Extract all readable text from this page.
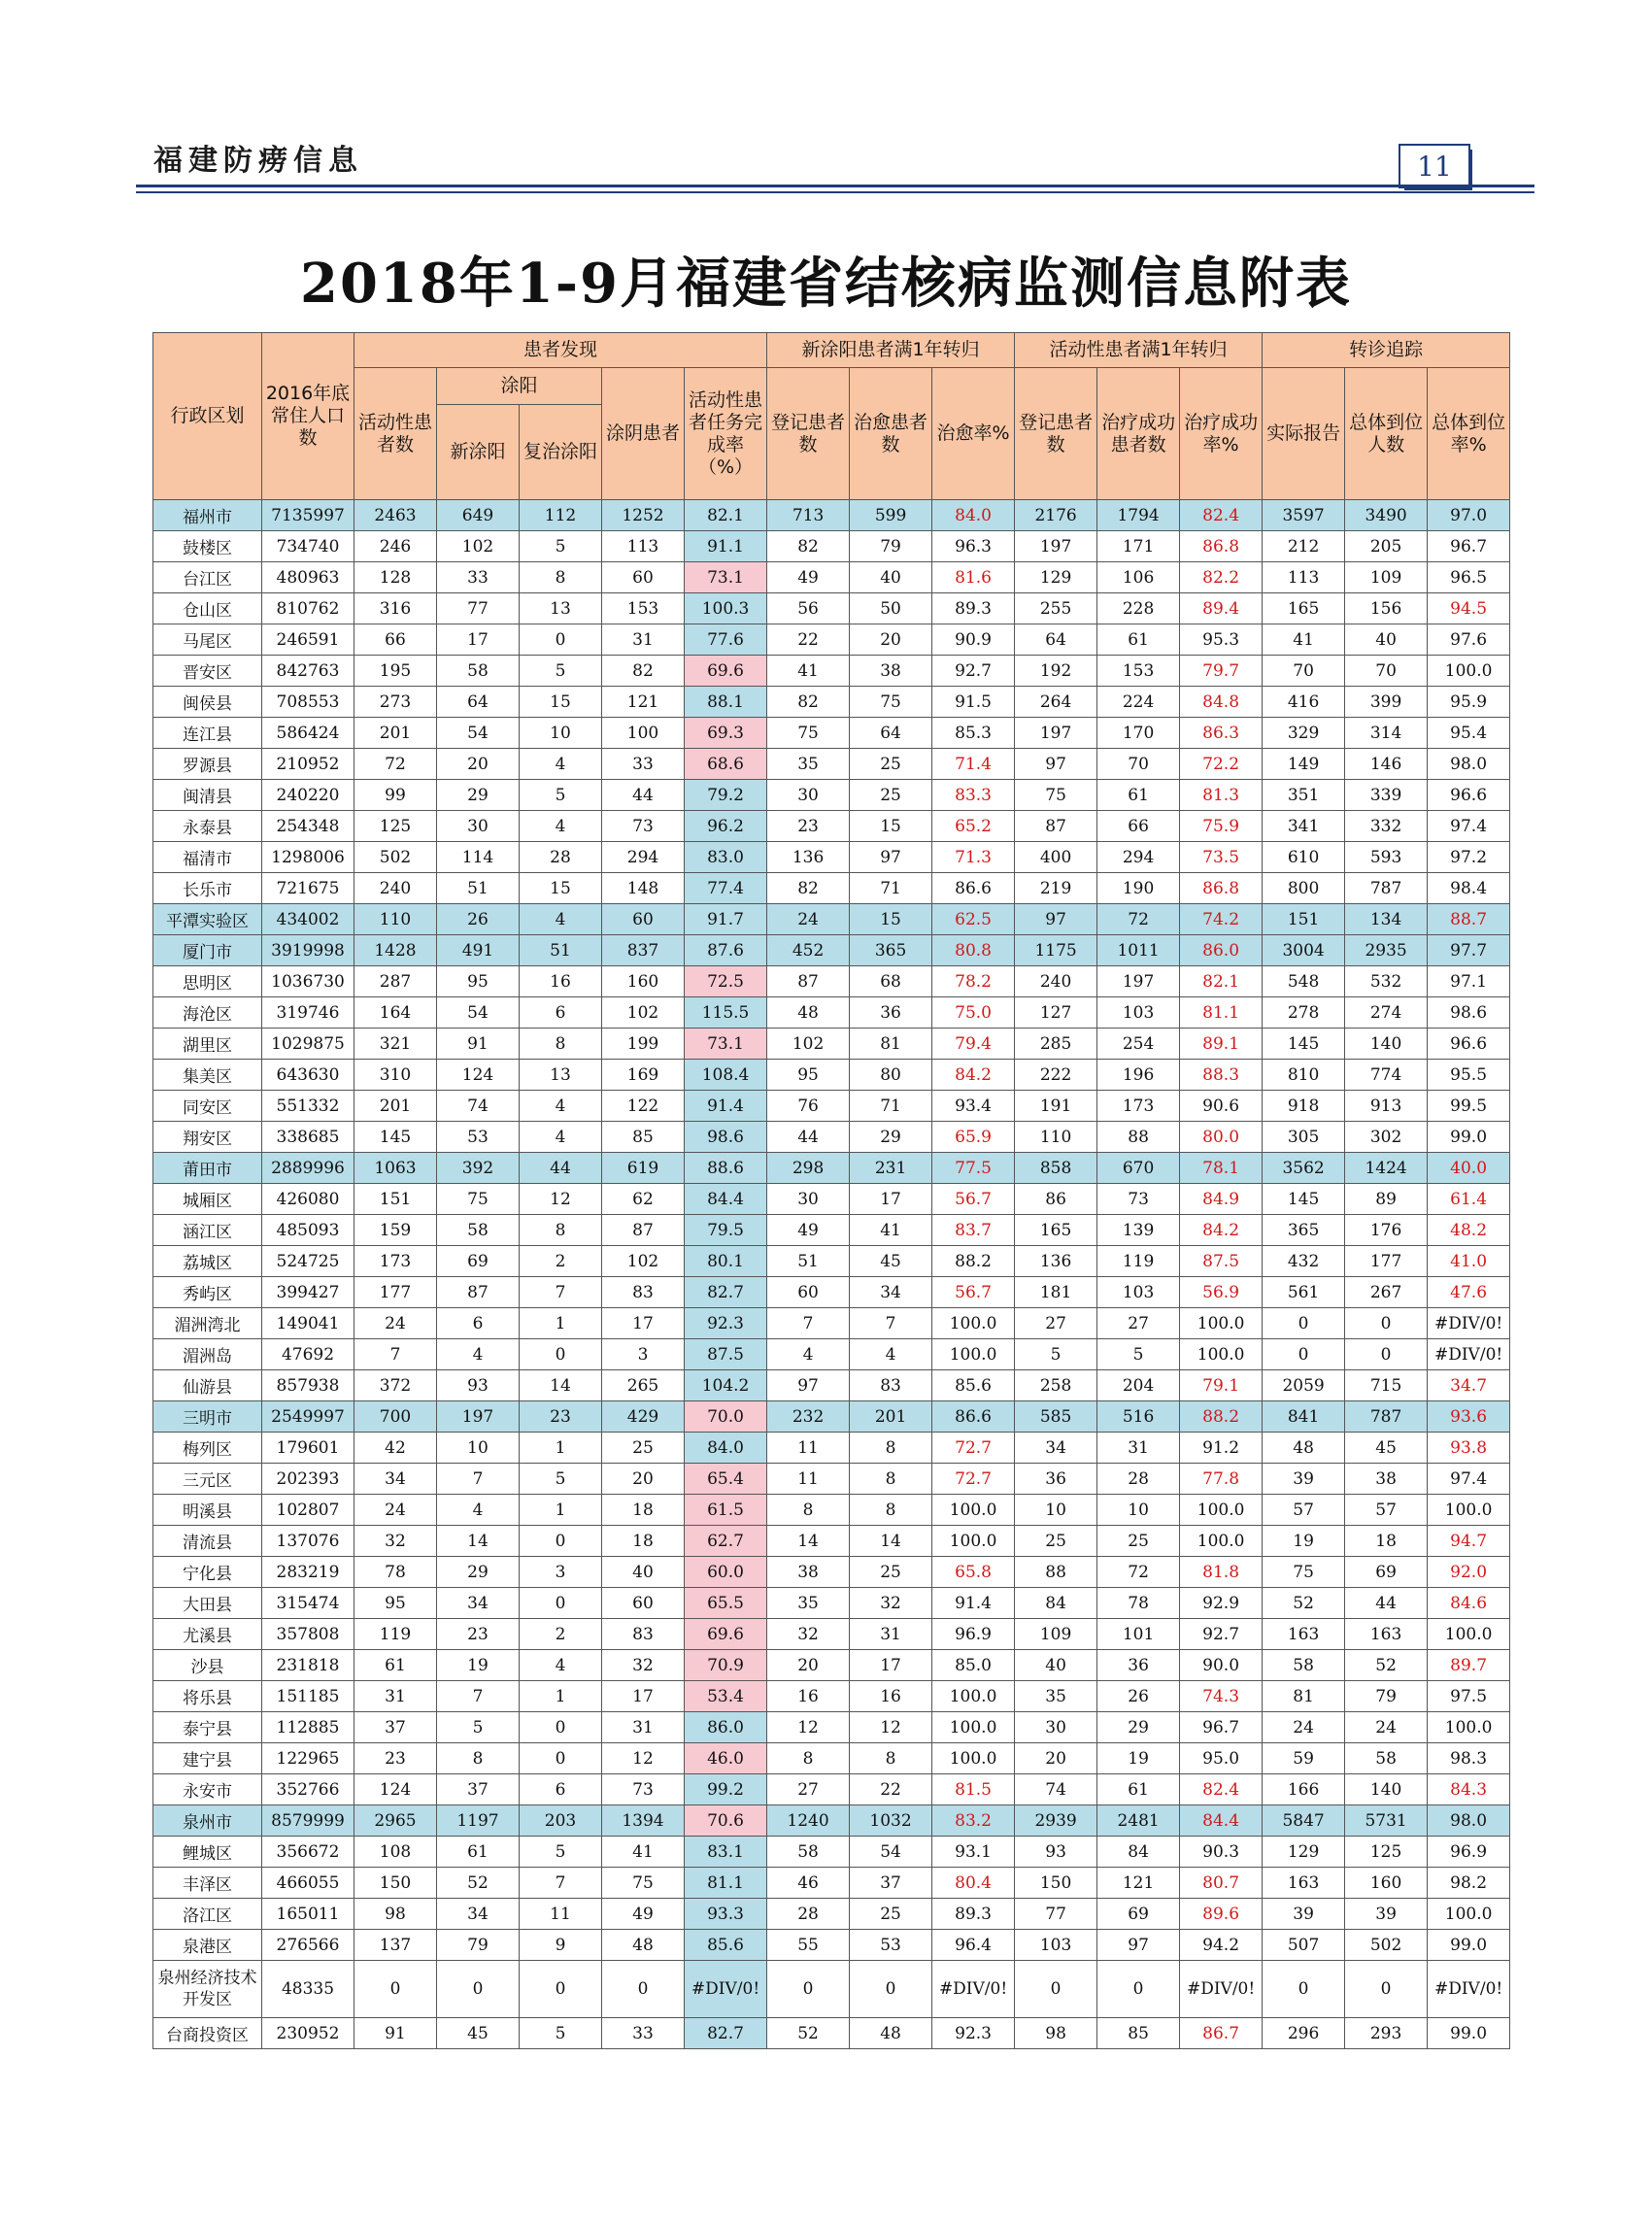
福建防痨信息	11
2018年1-9月福建省结核病监测信息附表
行政区划	2016年底常住人口数	患者发现					新涂阳患者满1年转归			活动性患者满1年转归			转诊追踪		
		活动性患者数	涂阳		涂阴患者	活动性患者任务完成率（%）	登记患者数	治愈患者数	治愈率%	登记患者数	治疗成功患者数	治疗成功率%	实际报告	总体到位人数	总体到位率%
			新涂阳	复治涂阳											
福州市	7135997	2463	649	112	1252	82.1	713	599	84.0	2176	1794	82.4	3597	3490	97.0
鼓楼区	734740	246	102	5	113	91.1	82	79	96.3	197	171	86.8	212	205	96.7
台江区	480963	128	33	8	60	73.1	49	40	81.6	129	106	82.2	113	109	96.5
仓山区	810762	316	77	13	153	100.3	56	50	89.3	255	228	89.4	165	156	94.5
马尾区	246591	66	17	0	31	77.6	22	20	90.9	64	61	95.3	41	40	97.6
晋安区	842763	195	58	5	82	69.6	41	38	92.7	192	153	79.7	70	70	100.0
闽侯县	708553	273	64	15	121	88.1	82	75	91.5	264	224	84.8	416	399	95.9
连江县	586424	201	54	10	100	69.3	75	64	85.3	197	170	86.3	329	314	95.4
罗源县	210952	72	20	4	33	68.6	35	25	71.4	97	70	72.2	149	146	98.0
闽清县	240220	99	29	5	44	79.2	30	25	83.3	75	61	81.3	351	339	96.6
永泰县	254348	125	30	4	73	96.2	23	15	65.2	87	66	75.9	341	332	97.4
福清市	1298006	502	114	28	294	83.0	136	97	71.3	400	294	73.5	610	593	97.2
长乐市	721675	240	51	15	148	77.4	82	71	86.6	219	190	86.8	800	787	98.4
平潭实验区	434002	110	26	4	60	91.7	24	15	62.5	97	72	74.2	151	134	88.7
厦门市	3919998	1428	491	51	837	87.6	452	365	80.8	1175	1011	86.0	3004	2935	97.7
思明区	1036730	287	95	16	160	72.5	87	68	78.2	240	197	82.1	548	532	97.1
海沧区	319746	164	54	6	102	115.5	48	36	75.0	127	103	81.1	278	274	98.6
湖里区	1029875	321	91	8	199	73.1	102	81	79.4	285	254	89.1	145	140	96.6
集美区	643630	310	124	13	169	108.4	95	80	84.2	222	196	88.3	810	774	95.5
同安区	551332	201	74	4	122	91.4	76	71	93.4	191	173	90.6	918	913	99.5
翔安区	338685	145	53	4	85	98.6	44	29	65.9	110	88	80.0	305	302	99.0
莆田市	2889996	1063	392	44	619	88.6	298	231	77.5	858	670	78.1	3562	1424	40.0
城厢区	426080	151	75	12	62	84.4	30	17	56.7	86	73	84.9	145	89	61.4
涵江区	485093	159	58	8	87	79.5	49	41	83.7	165	139	84.2	365	176	48.2
荔城区	524725	173	69	2	102	80.1	51	45	88.2	136	119	87.5	432	177	41.0
秀屿区	399427	177	87	7	83	82.7	60	34	56.7	181	103	56.9	561	267	47.6
湄洲湾北	149041	24	6	1	17	92.3	7	7	100.0	27	27	100.0	0	0	#DIV/0!
湄洲岛	47692	7	4	0	3	87.5	4	4	100.0	5	5	100.0	0	0	#DIV/0!
仙游县	857938	372	93	14	265	104.2	97	83	85.6	258	204	79.1	2059	715	34.7
三明市	2549997	700	197	23	429	70.0	232	201	86.6	585	516	88.2	841	787	93.6
梅列区	179601	42	10	1	25	84.0	11	8	72.7	34	31	91.2	48	45	93.8
三元区	202393	34	7	5	20	65.4	11	8	72.7	36	28	77.8	39	38	97.4
明溪县	102807	24	4	1	18	61.5	8	8	100.0	10	10	100.0	57	57	100.0
清流县	137076	32	14	0	18	62.7	14	14	100.0	25	25	100.0	19	18	94.7
宁化县	283219	78	29	3	40	60.0	38	25	65.8	88	72	81.8	75	69	92.0
大田县	315474	95	34	0	60	65.5	35	32	91.4	84	78	92.9	52	44	84.6
尤溪县	357808	119	23	2	83	69.6	32	31	96.9	109	101	92.7	163	163	100.0
沙县	231818	61	19	4	32	70.9	20	17	85.0	40	36	90.0	58	52	89.7
将乐县	151185	31	7	1	17	53.4	16	16	100.0	35	26	74.3	81	79	97.5
泰宁县	112885	37	5	0	31	86.0	12	12	100.0	30	29	96.7	24	24	100.0
建宁县	122965	23	8	0	12	46.0	8	8	100.0	20	19	95.0	59	58	98.3
永安市	352766	124	37	6	73	99.2	27	22	81.5	74	61	82.4	166	140	84.3
泉州市	8579999	2965	1197	203	1394	70.6	1240	1032	83.2	2939	2481	84.4	5847	5731	98.0
鲤城区	356672	108	61	5	41	83.1	58	54	93.1	93	84	90.3	129	125	96.9
丰泽区	466055	150	52	7	75	81.1	46	37	80.4	150	121	80.7	163	160	98.2
洛江区	165011	98	34	11	49	93.3	28	25	89.3	77	69	89.6	39	39	100.0
泉港区	276566	137	79	9	48	85.6	55	53	96.4	103	97	94.2	507	502	99.0
泉州经济技术开发区	48335	0	0	0	0	#DIV/0!	0	0	#DIV/0!	0	0	#DIV/0!	0	0	#DIV/0!
台商投资区	230952	91	45	5	33	82.7	52	48	92.3	98	85	86.7	296	293	99.0
